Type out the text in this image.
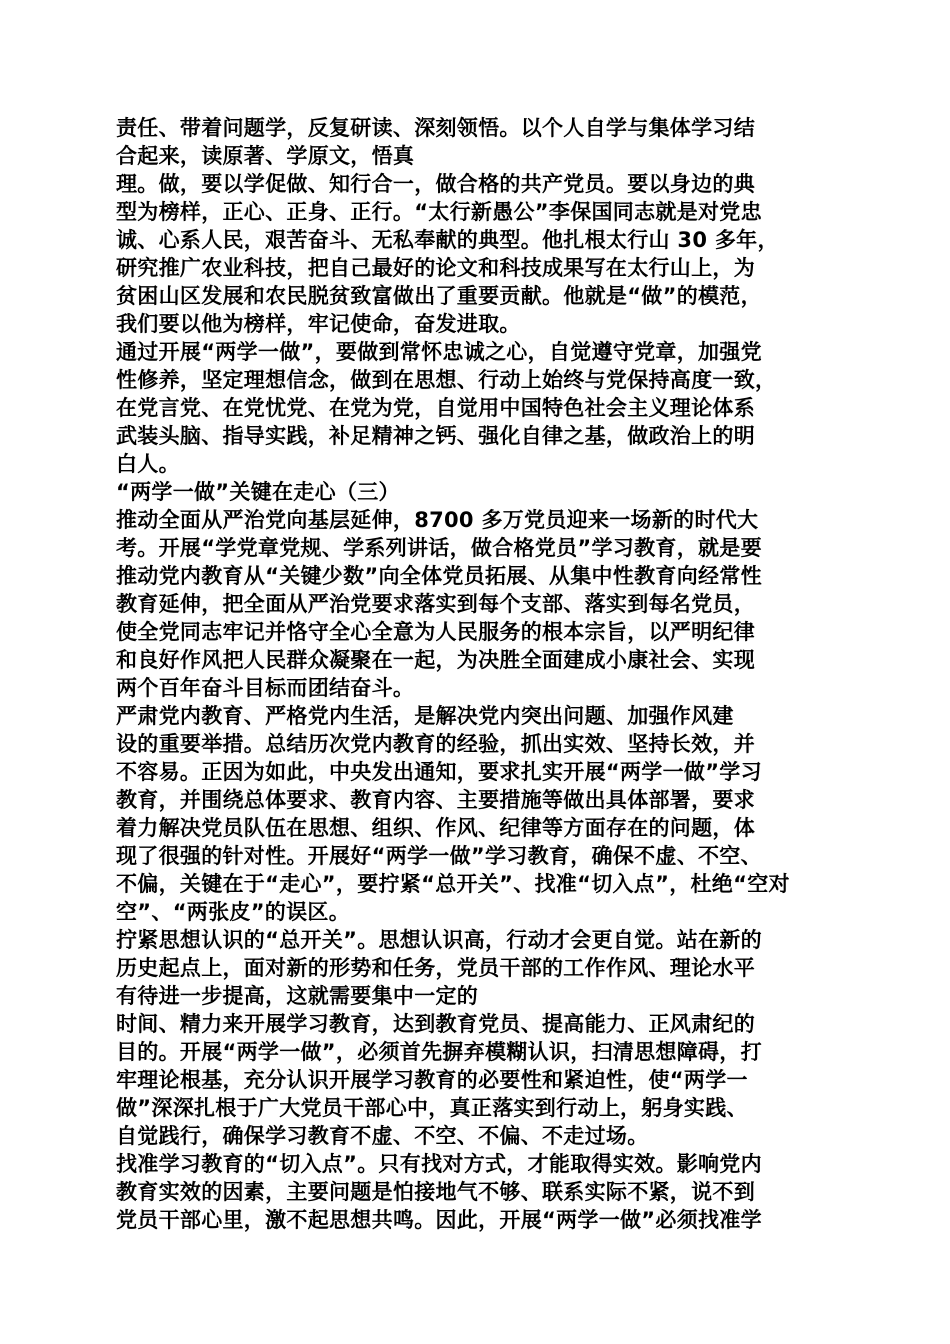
责任、带着问题学，反复研读、深刻领悟。以个人自学与集体学习结
合起来，读原著、学原文，悟真
理。做，要以学促做、知行合一，做合格的共产党员。要以身边的典
型为榜样，正心、正身、正行。“太行新愚公”李保国同志就是对党忠
诚、心系人民，艰苦奋斗、无私奉献的典型。他扎根太行山 30 多年，
研究推广农业科技，把自己最好的论文和科技成果写在太行山上，为
贫困山区发展和农民脱贫致富做出了重要贡献。他就是“做”的模范，
我们要以他为榜样，牢记使命，奋发进取。
通过开展“两学一做”，要做到常怀忠诚之心，自觉遵守党章，加强党
性修养，坚定理想信念，做到在思想、行动上始终与党保持高度一致，
在党言党、在党忧党、在党为党，自觉用中国特色社会主义理论体系
武装头脑、指导实践，补足精神之钙、强化自律之基，做政治上的明
白人。
“两学一做”关键在走心（三）
推动全面从严治党向基层延伸，8700 多万党员迎来一场新的时代大
考。开展“学党章党规、学系列讲话，做合格党员”学习教育，就是要
推动党内教育从“关键少数”向全体党员拓展、从集中性教育向经常性
教育延伸，把全面从严治党要求落实到每个支部、落实到每名党员，
使全党同志牢记并恪守全心全意为人民服务的根本宗旨，以严明纪律
和良好作风把人民群众凝聚在一起，为决胜全面建成小康社会、实现
两个百年奋斗目标而团结奋斗。
严肃党内教育、严格党内生活，是解决党内突出问题、加强作风建
设的重要举措。总结历次党内教育的经验，抓出实效、坚持长效，并
不容易。正因为如此，中央发出通知，要求扎实开展“两学一做”学习
教育，并围绕总体要求、教育内容、主要措施等做出具体部署，要求
着力解决党员队伍在思想、组织、作风、纪律等方面存在的问题，体
现了很强的针对性。开展好“两学一做”学习教育，确保不虚、不空、
不偏，关键在于“走心”，要拧紧“总开关”、找准“切入点”，杜绝“空对
空”、“两张皮”的误区。
拧紧思想认识的“总开关”。思想认识高，行动才会更自觉。站在新的
历史起点上，面对新的形势和任务，党员干部的工作作风、理论水平
有待进一步提高，这就需要集中一定的
时间、精力来开展学习教育，达到教育党员、提高能力、正风肃纪的
目的。开展“两学一做”，必须首先摒弃模糊认识，扫清思想障碍，打
牢理论根基，充分认识开展学习教育的必要性和紧迫性，使“两学一
做”深深扎根于广大党员干部心中，真正落实到行动上，躬身实践、
自觉践行，确保学习教育不虚、不空、不偏、不走过场。
找准学习教育的“切入点”。只有找对方式，才能取得实效。影响党内
教育实效的因素，主要问题是怕接地气不够、联系实际不紧，说不到
党员干部心里，激不起思想共鸣。因此，开展“两学一做”必须找准学
